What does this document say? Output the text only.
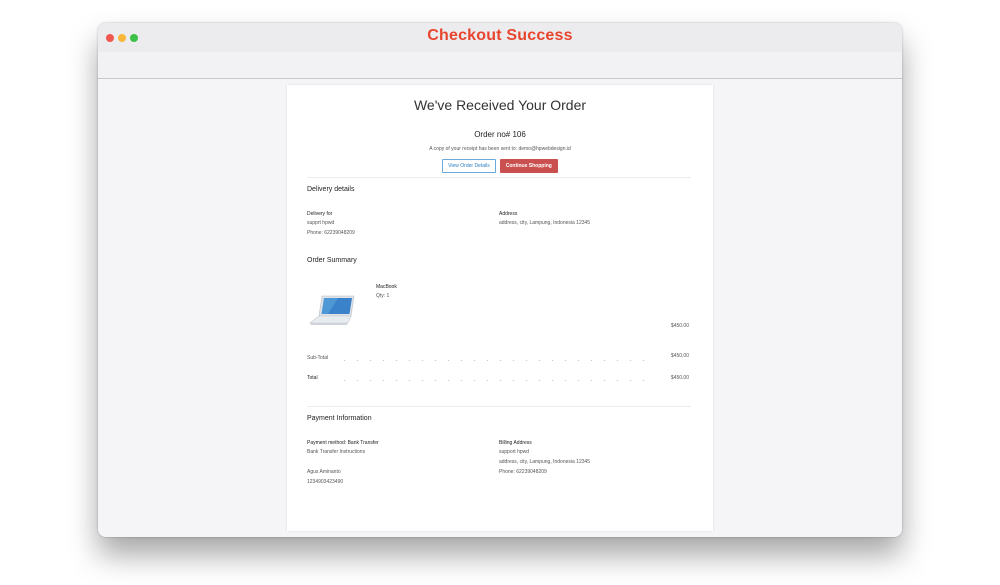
Checkout Success
We've Received Your Order
Order no# 106
A copy of your receipt has been sent to: demo@hpwebdesign.id
View Order Details	Continue Shopping
Delivery details
Delivery for
supprt hpwd
Phone: 62239048209
Address
address, city, Lampung, Indonesia 12345
Order Summary
MacBook
Qty: 1
$450.00
Sub-Total	$450.00
Total	$450.00
Payment Information
Payment method: Bank Transfer
Bank Transfer Instructions
Agus Aminanto
1234903423490
Billing Address
support hpwd
address, city, Lampung, Indonesia 12345
Phone: 62239048209
